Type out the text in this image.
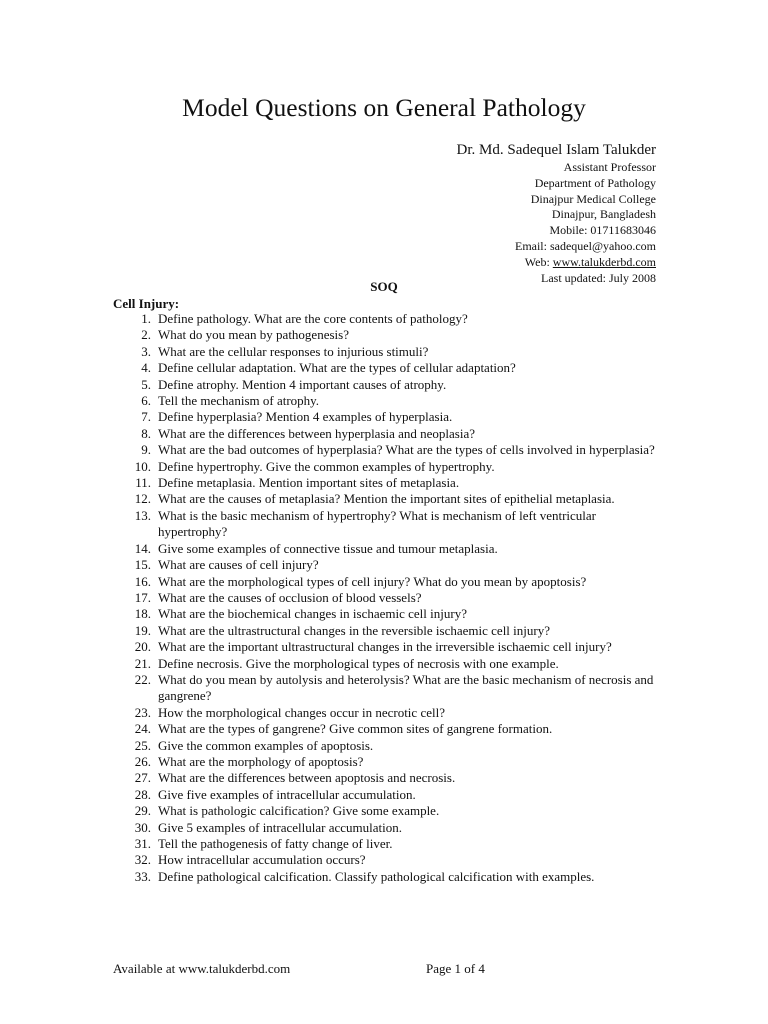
Model Questions on General Pathology
Dr. Md. Sadequel Islam Talukder
Assistant Professor
Department of Pathology
Dinajpur Medical College
Dinajpur, Bangladesh
Mobile: 01711683046
Email: sadequel@yahoo.com
Web: www.talukderbd.com
Last updated: July 2008
SOQ
Cell Injury:
1. Define pathology. What are the core contents of pathology?
2. What do you mean by pathogenesis?
3. What are the cellular responses to injurious stimuli?
4. Define cellular adaptation. What are the types of cellular adaptation?
5. Define atrophy. Mention 4 important causes of atrophy.
6. Tell the mechanism of atrophy.
7. Define hyperplasia? Mention 4 examples of hyperplasia.
8. What are the differences between hyperplasia and neoplasia?
9. What are the bad outcomes of hyperplasia? What are the types of cells involved in hyperplasia?
10. Define hypertrophy. Give the common examples of hypertrophy.
11. Define metaplasia. Mention important sites of metaplasia.
12. What are the causes of metaplasia? Mention the important sites of epithelial metaplasia.
13. What is the basic mechanism of hypertrophy? What is mechanism of left ventricular hypertrophy?
14. Give some examples of connective tissue and tumour metaplasia.
15. What are causes of cell injury?
16. What are the morphological types of cell injury? What do you mean by apoptosis?
17. What are the causes of occlusion of blood vessels?
18. What are the biochemical changes in ischaemic cell injury?
19. What are the ultrastructural changes in the reversible ischaemic cell injury?
20. What are the important ultrastructural changes in the irreversible ischaemic cell injury?
21. Define necrosis. Give the morphological types of necrosis with one example.
22. What do you mean by autolysis and heterolysis? What are the basic mechanism of necrosis and gangrene?
23. How the morphological changes occur in necrotic cell?
24. What are the types of gangrene? Give common sites of gangrene formation.
25. Give the common examples of apoptosis.
26. What are the morphology of apoptosis?
27. What are the differences between apoptosis and necrosis.
28. Give five examples of intracellular accumulation.
29. What is pathologic calcification? Give some example.
30. Give 5 examples of intracellular accumulation.
31. Tell the pathogenesis of fatty change of liver.
32. How intracellular accumulation occurs?
33. Define pathological calcification. Classify pathological calcification with examples.
Available at www.talukderbd.com	Page 1 of 4
